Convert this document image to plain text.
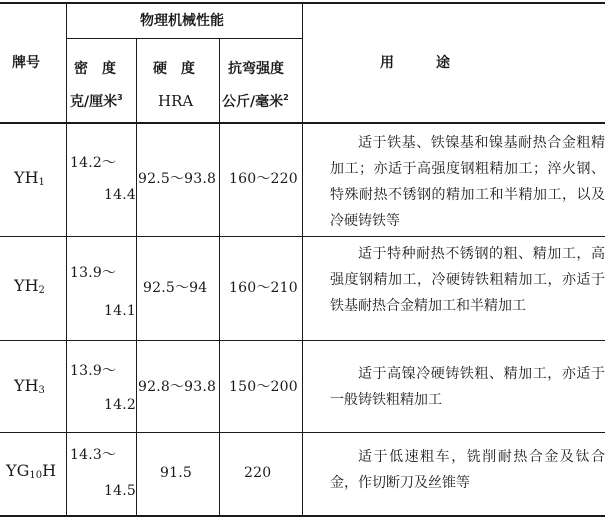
牌号
物理机械性能
密　度
克/厘米$^3$
硬　度
HRA
抗弯强度
公斤/毫米$^2$
用　　　途
$YH_1$
14.2～
14.4
92.5～93.8 160～220
适于铁基、铁镍基和镍基耐热合金粗精加工；亦适于高强度钢粗精加工；淬火钢、特殊耐热不锈钢的精加工和半精加工，以及冷硬铸铁等
$YH_2$
13.9～
14.1
92.5～94 160～210
适于特种耐热不锈钢的粗、精加工，高强度钢精加工，冷硬铸铁粗精加工，亦适于铁基耐热合金精加工和半精加工
$YH_3$
13.9～
14.2
92.8～93.8 150～200
适于高镍冷硬铸铁粗、精加工，亦适于一般铸铁粗精加工
$YG_{10}H$
14.3～
14.5
91.5	220
适于低速粗车，铣削耐热合金及钛合金，作切断刀及丝锥等
